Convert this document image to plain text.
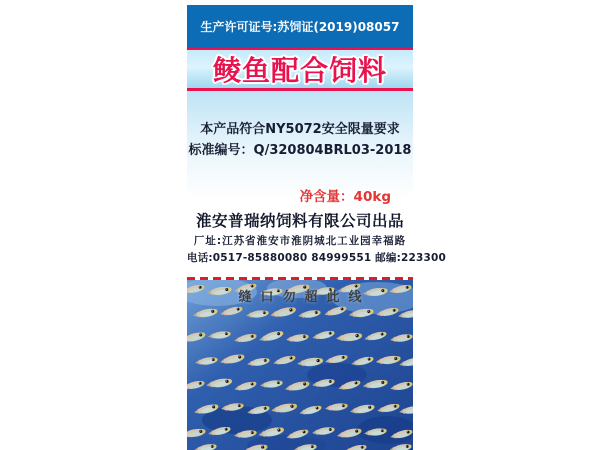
生产许可证号:苏饲证(2019)08057
鲮鱼配合饲料
本产品符合NY5072安全限量要求
标准编号：Q/320804BRL03-2018
净含量：40kg
淮安普瑞纳饲料有限公司出品
厂址:江苏省淮安市淮阴城北工业园幸福路
电话:0517-85880080 84999551 邮编:223300
缝口勿超此线
